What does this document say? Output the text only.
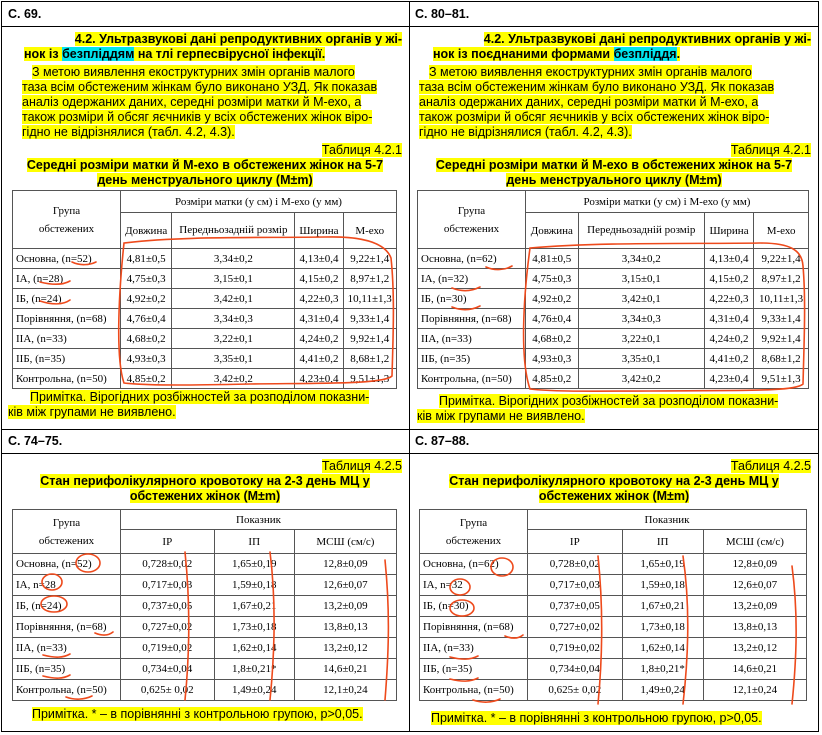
С. 69.
4.2. Ультразвукові дані репродуктивних органів у жі-
нок із безпліддям на тлі герпесвірусної інфекції.
З метою виявлення екоструктурних змін органів малого
таза всім обстеженим жінкам було виконано УЗД. Як показав
аналіз одержаних даних, середні розміри матки й М-ехо, а
також розміри й обсяг яєчників у всіх обстежених жінок віро-
гідно не відрізнялися (табл. 4.2, 4.3).
Таблиця 4.2.1
Середні розміри матки й М-ехо в обстежених жінок на 5-7
день менструального циклу (M±m)
Група
обстежених	Розміри матки (у см) і М-ехо (у мм)			
	Довжина	Передньозадній розмір	Ширина	М-ехо
Основна, (n=52)	4,81±0,5	3,34±0,2	4,13±0,4	9,22±1,4
ІА, (n=28)	4,75±0,3	3,15±0,1	4,15±0,2	8,97±1,2
ІБ, (n=24)	4,92±0,2	3,42±0,1	4,22±0,3	10,11±1,3
Порівняння, (n=68)	4,76±0,4	3,34±0,3	4,31±0,4	9,33±1,4
ІІА, (n=33)	4,68±0,2	3,22±0,1	4,24±0,2	9,92±1,4
ІІБ, (n=35)	4,93±0,3	3,35±0,1	4,41±0,2	8,68±1,2
Контрольна, (n=50)	4,85±0,2	3,42±0,2	4,23±0,4	9,51±1,3
Примітка. Вірогідних розбіжностей за розподілом показни-
ків між групами не виявлено.
С. 80–81.
4.2. Ультразвукові дані репродуктивних органів у жі-
нок із поєднаними формами безпліддя.
З метою виявлення екоструктурних змін органів малого
таза всім обстеженим жінкам було виконано УЗД. Як показав
аналіз одержаних даних, середні розміри матки й М-ехо, а
також розміри й обсяг яєчників у всіх обстежених жінок віро-
гідно не відрізнялися (табл. 4.2, 4.3).
Таблиця 4.2.1
Середні розміри матки й М-ехо в обстежених жінок на 5-7
день менструального циклу (M±m)
Група
обстежених	Розміри матки (у см) і М-ехо (у мм)			
	Довжина	Передньозадній розмір	Ширина	М-ехо
Основна, (n=62)	4,81±0,5	3,34±0,2	4,13±0,4	9,22±1,4
ІА, (n=32)	4,75±0,3	3,15±0,1	4,15±0,2	8,97±1,2
ІБ, (n=30)	4,92±0,2	3,42±0,1	4,22±0,3	10,11±1,3
Порівняння, (n=68)	4,76±0,4	3,34±0,3	4,31±0,4	9,33±1,4
ІІА, (n=33)	4,68±0,2	3,22±0,1	4,24±0,2	9,92±1,4
ІІБ, (n=35)	4,93±0,3	3,35±0,1	4,41±0,2	8,68±1,2
Контрольна, (n=50)	4,85±0,2	3,42±0,2	4,23±0,4	9,51±1,3
Примітка. Вірогідних розбіжностей за розподілом показни-
ків між групами не виявлено.
С. 74–75.
Таблиця 4.2.5
Стан перифолікулярного кровотоку на 2-3 день МЦ у
обстежених жінок (M±m)
Група
обстежених	Показник		
	ІР	ІП	МСШ (см/с)
Основна, (n=52)	0,728±0,02	1,65±0,19	12,8±0,09
ІА, n=28	0,717±0,03	1,59±0,18	12,6±0,07
ІБ, (n=24)	0,737±0,05	1,67±0,21	13,2±0,09
Порівняння, (n=68)	0,727±0,02	1,73±0,18	13,8±0,13
ІІА, (n=33)	0,719±0,02	1,62±0,14	13,2±0,12
ІІБ, (n=35)	0,734±0,04	1,8±0,21*	14,6±0,21
Контрольна, (n=50)	0,625± 0,02	1,49±0,24	12,1±0,24
Примітка. * – в порівнянні з контрольною групою, р>0,05.
С. 87–88.
Таблиця 4.2.5
Стан перифолікулярного кровотоку на 2-3 день МЦ у
обстежених жінок (M±m)
Група
обстежених	Показник		
	ІР	ІП	МСШ (см/с)
Основна, (n=62)	0,728±0,02	1,65±0,19	12,8±0,09
ІА, n=32	0,717±0,03	1,59±0,18	12,6±0,07
ІБ, (n=30)	0,737±0,05	1,67±0,21	13,2±0,09
Порівняння, (n=68)	0,727±0,02	1,73±0,18	13,8±0,13
ІІА, (n=33)	0,719±0,02	1,62±0,14	13,2±0,12
ІІБ, (n=35)	0,734±0,04	1,8±0,21*	14,6±0,21
Контрольна, (n=50)	0,625± 0,02	1,49±0,24	12,1±0,24
Примітка. * – в порівнянні з контрольною групою, р>0,05.
